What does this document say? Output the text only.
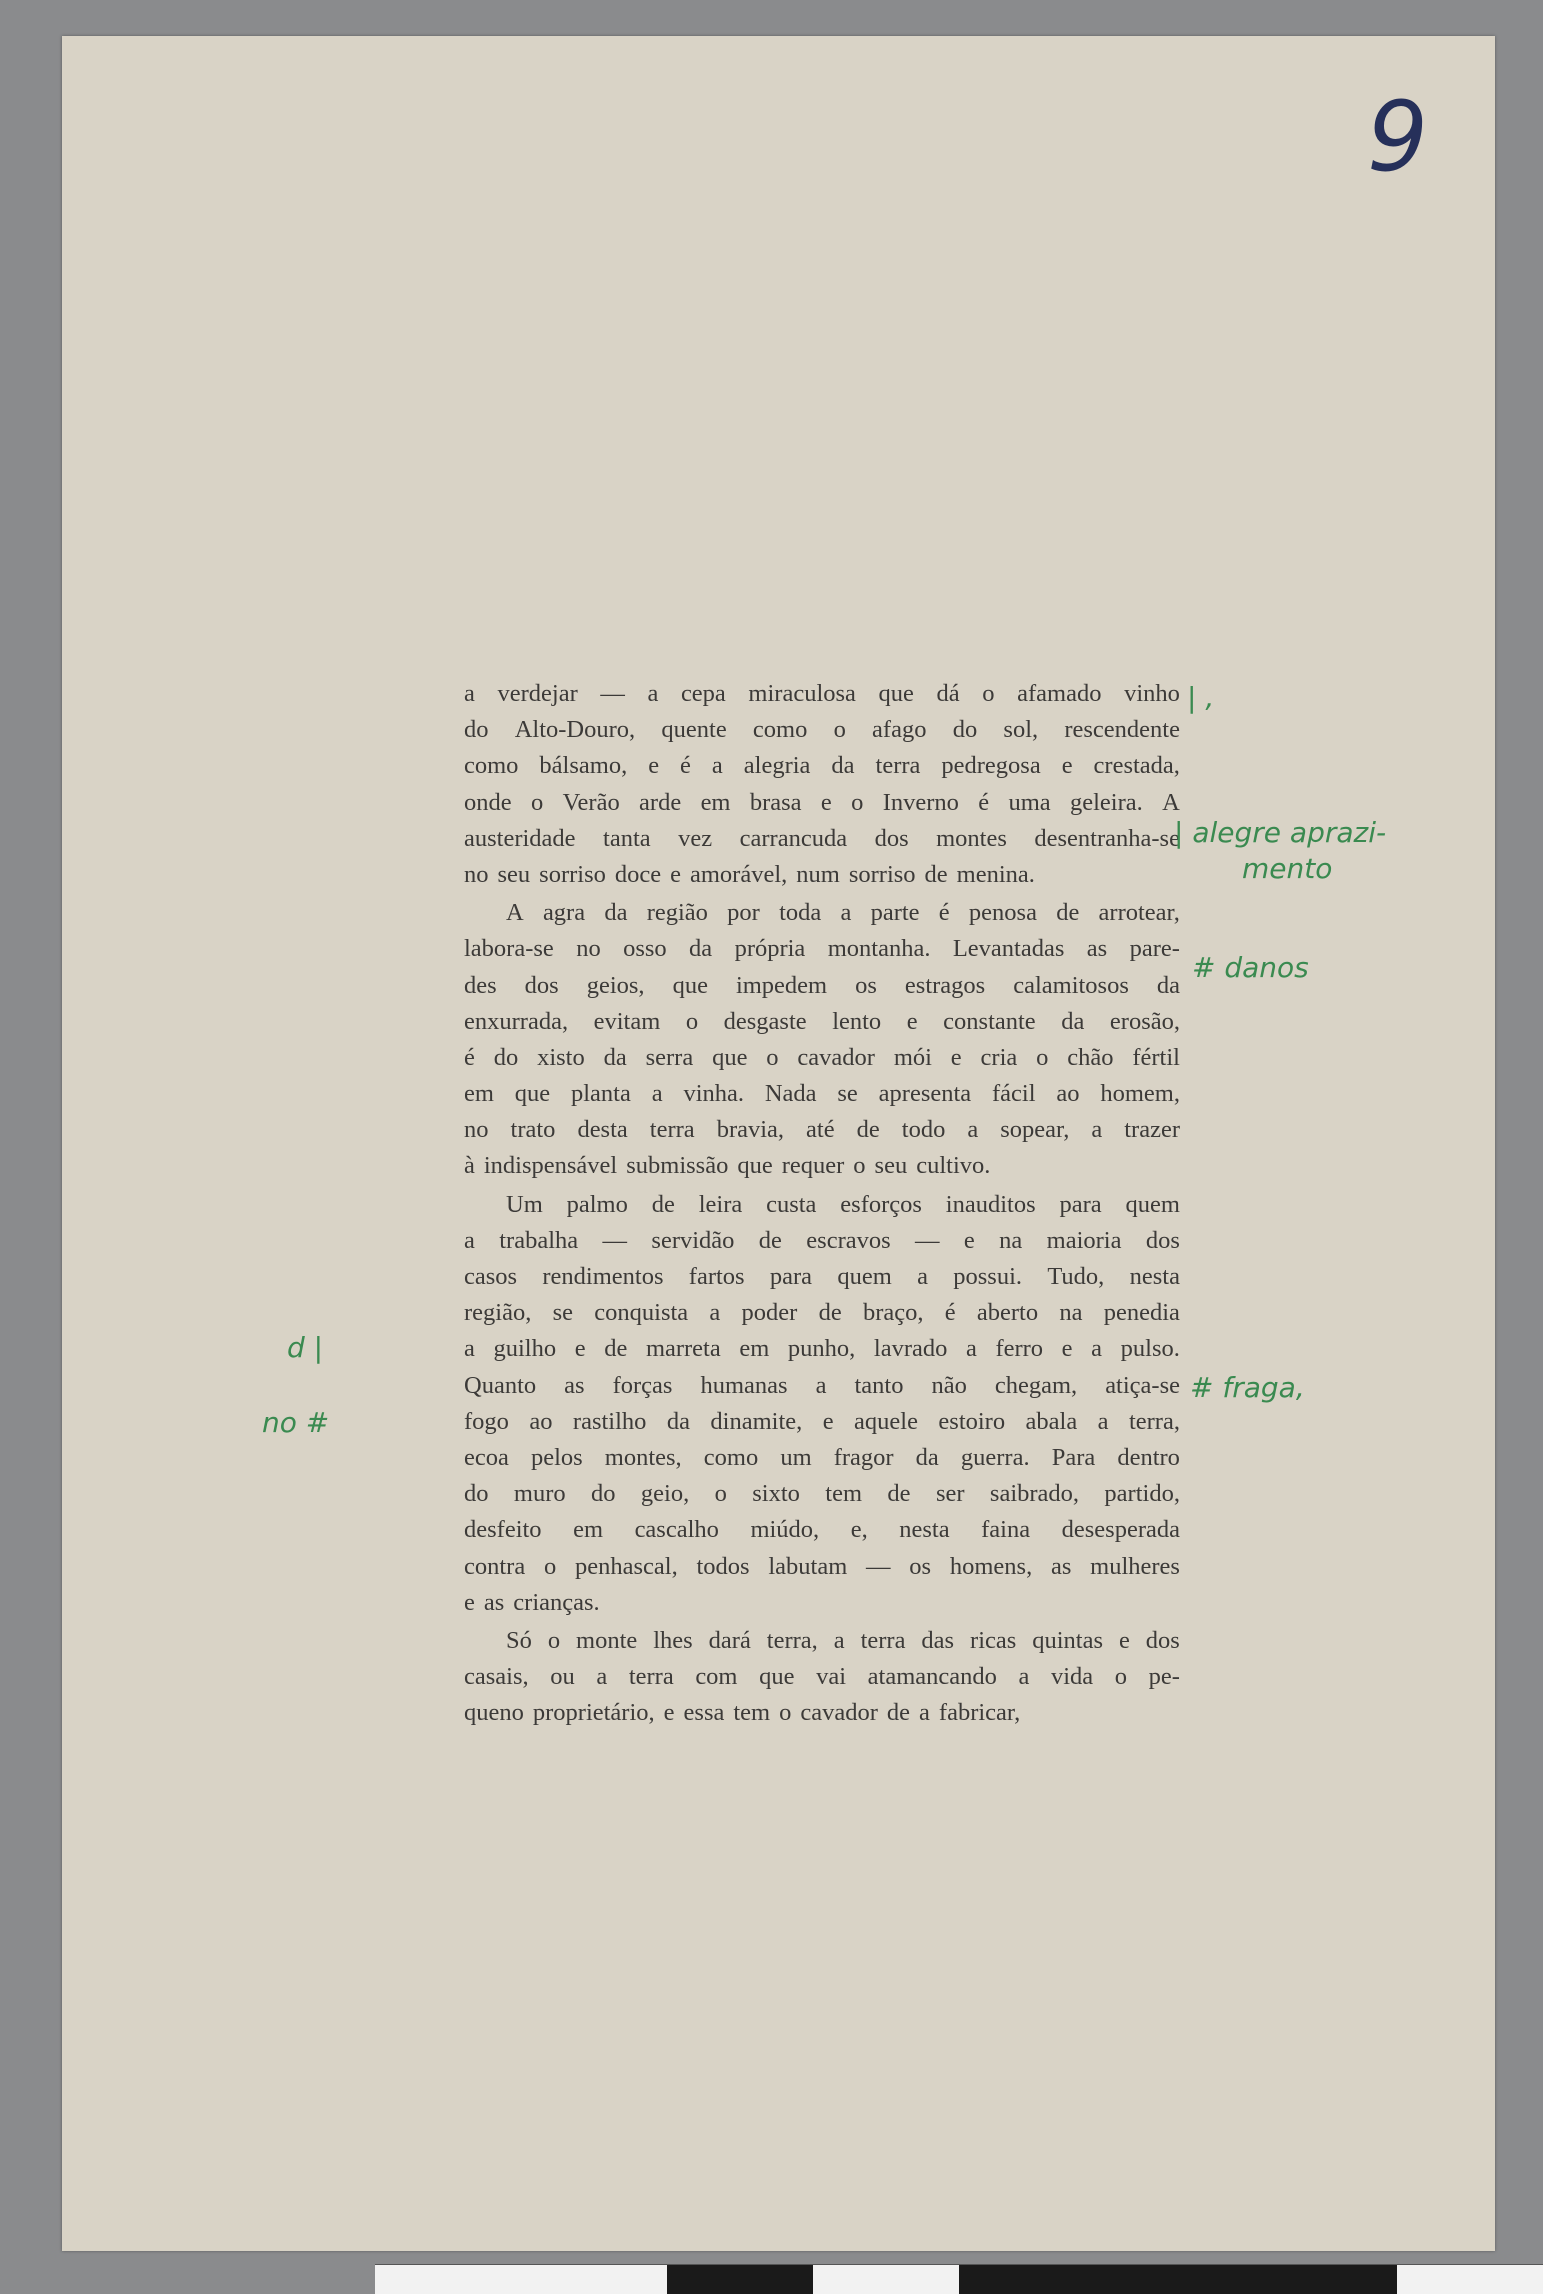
9
a verdejar — a cepa miraculosa que dá o afamado vinho
do Alto-Douro, quente como o afago do sol, rescendente
como bálsamo, e é a alegria da terra pedregosa e crestada,
onde o Verão arde em brasa e o Inverno é uma geleira. A
austeridade tanta vez carrancuda dos montes desentranha-se
no seu sorriso doce e amorável, num sorriso de menina.
A agra da região por toda a parte é penosa de arrotear,
labora-se no osso da própria montanha. Levantadas as pare-
des dos geios, que impedem os estragos calamitosos da
enxurrada, evitam o desgaste lento e constante da erosão,
é do xisto da serra que o cavador mói e cria o chão fértil
em que planta a vinha. Nada se apresenta fácil ao homem,
no trato desta terra bravia, até de todo a sopear, a trazer
à indispensável submissão que requer o seu cultivo.
Um palmo de leira custa esforços inauditos para quem
a trabalha — servidão de escravos — e na maioria dos
casos rendimentos fartos para quem a possui. Tudo, nesta
região, se conquista a poder de braço, é aberto na penedia
a guilho e de marreta em punho, lavrado a ferro e a pulso.
Quanto as forças humanas a tanto não chegam, atiça-se
fogo ao rastilho da dinamite, e aquele estoiro abala a terra,
ecoa pelos montes, como um fragor da guerra. Para dentro
do muro do geio, o sixto tem de ser saibrado, partido,
desfeito em cascalho miúdo, e, nesta faina desesperada
contra o penhascal, todos labutam — os homens, as mulheres
e as crianças.
Só o monte lhes dará terra, a terra das ricas quintas e dos
casais, ou a terra com que vai atamancando a vida o pe-
queno proprietário, e essa tem o cavador de a fabricar,
| ,
| alegre aprazi-
mento
# danos
# fraga,
d |
no #
